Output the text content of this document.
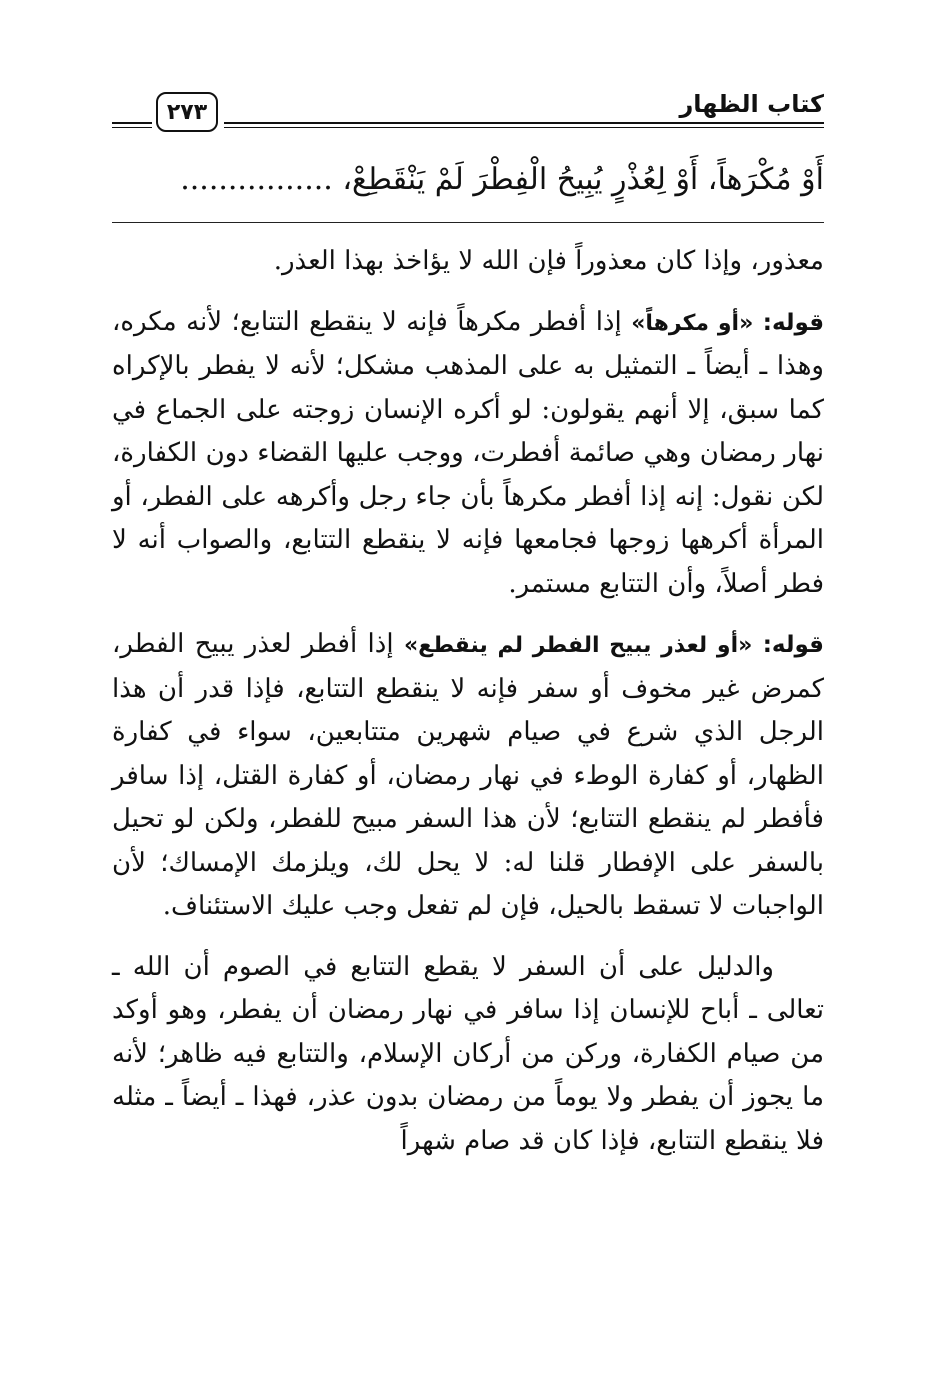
كتاب الظهار
٢٧٣
أَوْ مُكْرَهاً، أَوْ لِعُذْرٍ يُبِيحُ الْفِطْرَ لَمْ يَنْقَطِعْ، ................

معذور، وإذا كان معذوراً فإن الله لا يؤاخذ بهذا العذر.

قوله: «أو مكرهاً» إذا أفطر مكرهاً فإنه لا ينقطع التتابع؛ لأنه مكره، وهذا ـ أيضاً ـ التمثيل به على المذهب مشكل؛ لأنه لا يفطر بالإكراه كما سبق، إلا أنهم يقولون: لو أكره الإنسان زوجته على الجماع في نهار رمضان وهي صائمة أفطرت، ووجب عليها القضاء دون الكفارة، لكن نقول: إنه إذا أفطر مكرهاً بأن جاء رجل وأكرهه على الفطر، أو المرأة أكرهها زوجها فجامعها فإنه لا ينقطع التتابع، والصواب أنه لا فطر أصلاً، وأن التتابع مستمر.

قوله: «أو لعذر يبيح الفطر لم ينقطع» إذا أفطر لعذر يبيح الفطر، كمرض غير مخوف أو سفر فإنه لا ينقطع التتابع، فإذا قدر أن هذا الرجل الذي شرع في صيام شهرين متتابعين، سواء في كفارة الظهار، أو كفارة الوطء في نهار رمضان، أو كفارة القتل، إذا سافر فأفطر لم ينقطع التتابع؛ لأن هذا السفر مبيح للفطر، ولكن لو تحيل بالسفر على الإفطار قلنا له: لا يحل لك، ويلزمك الإمساك؛ لأن الواجبات لا تسقط بالحيل، فإن لم تفعل وجب عليك الاستئناف.

والدليل على أن السفر لا يقطع التتابع في الصوم أن الله ـ تعالى ـ أباح للإنسان إذا سافر في نهار رمضان أن يفطر، وهو أوكد من صيام الكفارة، وركن من أركان الإسلام، والتتابع فيه ظاهر؛ لأنه ما يجوز أن يفطر ولا يوماً من رمضان بدون عذر، فهذا ـ أيضاً ـ مثله فلا ينقطع التتابع، فإذا كان قد صام شهراً
